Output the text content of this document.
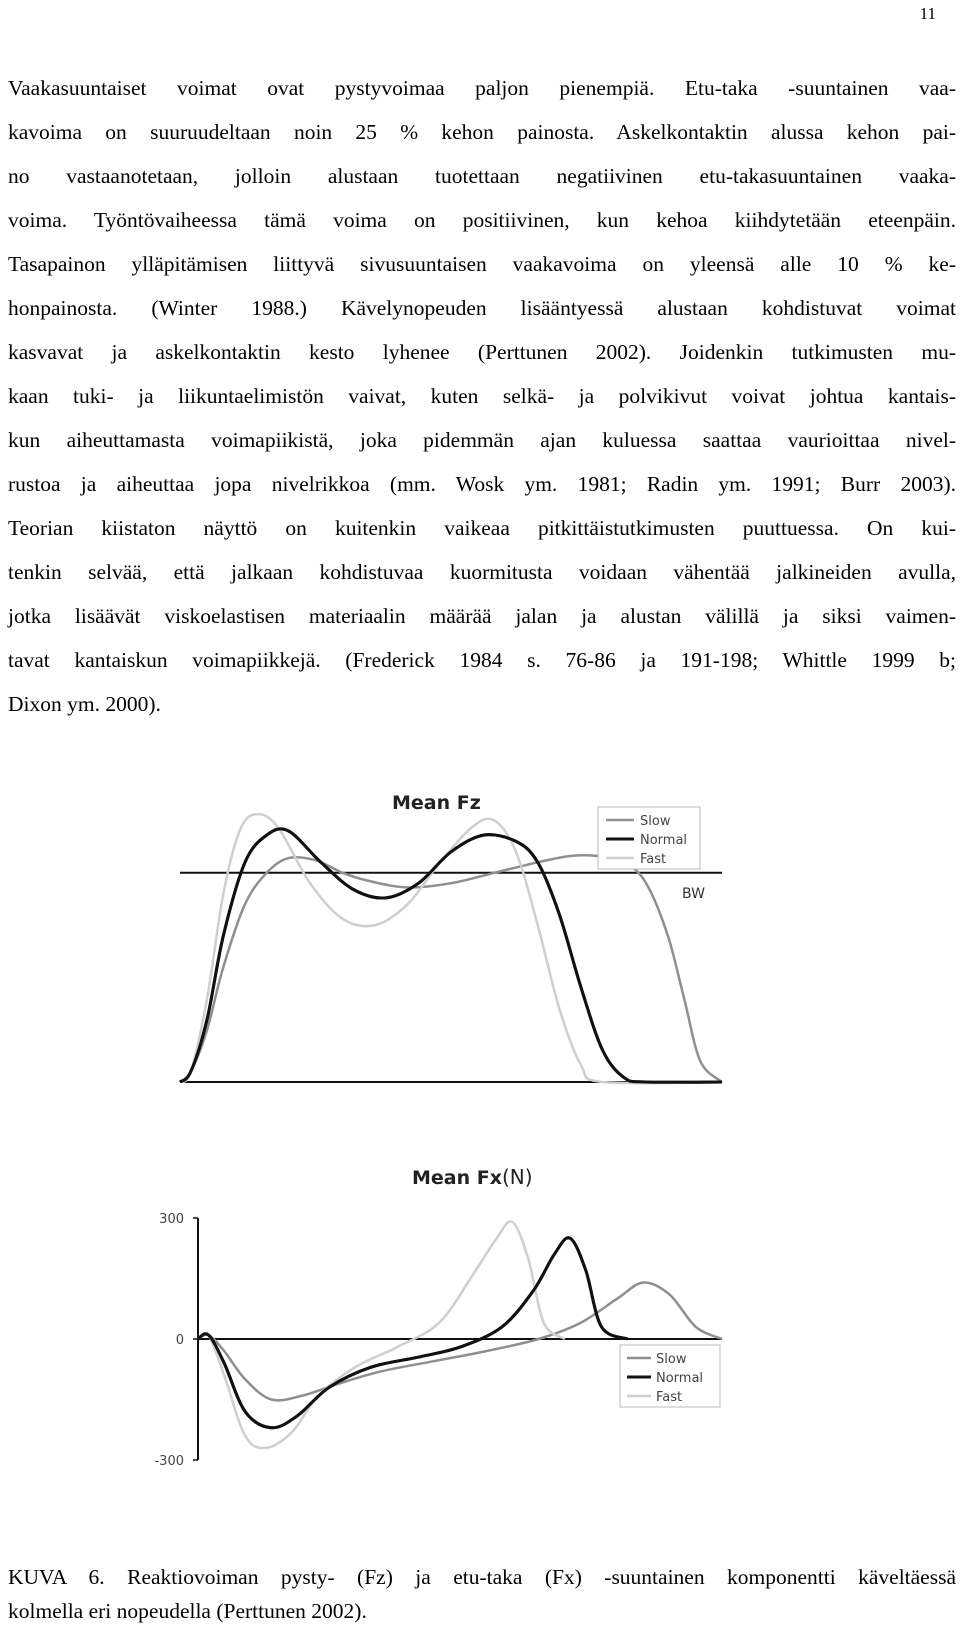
11

Vaakasuuntaiset voimat ovat pystyvoimaa paljon pienempiä. Etu-taka -suuntainen vaa-
kavoima on suuruudeltaan noin 25 % kehon painosta. Askelkontaktin alussa kehon pai-
no vastaanotetaan, jolloin alustaan tuotettaan negatiivinen etu-takasuuntainen vaaka-
voima. Työntövaiheessa tämä voima on positiivinen, kun kehoa kiihdytetään eteenpäin.
Tasapainon ylläpitämisen liittyvä sivusuuntaisen vaakavoima on yleensä alle 10 % ke-
honpainosta. (Winter 1988.) Kävelynopeuden lisääntyessä alustaan kohdistuvat voimat
kasvavat ja askelkontaktin kesto lyhenee (Perttunen 2002). Joidenkin tutkimusten mu-
kaan tuki- ja liikuntaelimistön vaivat, kuten selkä- ja polvikivut voivat johtua kantais-
kun aiheuttamasta voimapiikistä, joka pidemmän ajan kuluessa saattaa vaurioittaa nivel-
rustoa ja aiheuttaa jopa nivelrikkoa (mm. Wosk ym. 1981; Radin ym. 1991; Burr 2003).
Teorian kiistaton näyttö on kuitenkin vaikeaa pitkittäistutkimusten puuttuessa. On kui-
tenkin selvää, että jalkaan kohdistuvaa kuormitusta voidaan vähentää jalkineiden avulla,
jotka lisäävät viskoelastisen materiaalin määrää jalan ja alustan välillä ja siksi vaimen-
tavat kantaiskun voimapiikkejä. (Frederick 1984 s. 76-86 ja 191-198; Whittle 1999 b;
Dixon ym. 2000).

Mean Fz
BW
Slow
Normal
Fast
Mean Fx (N)
300
0
-300
Slow
Normal
Fast

KUVA 6. Reaktiovoiman pysty- (Fz) ja etu-taka (Fx) -suuntainen komponentti käveltäessä
kolmella eri nopeudella (Perttunen 2002).
